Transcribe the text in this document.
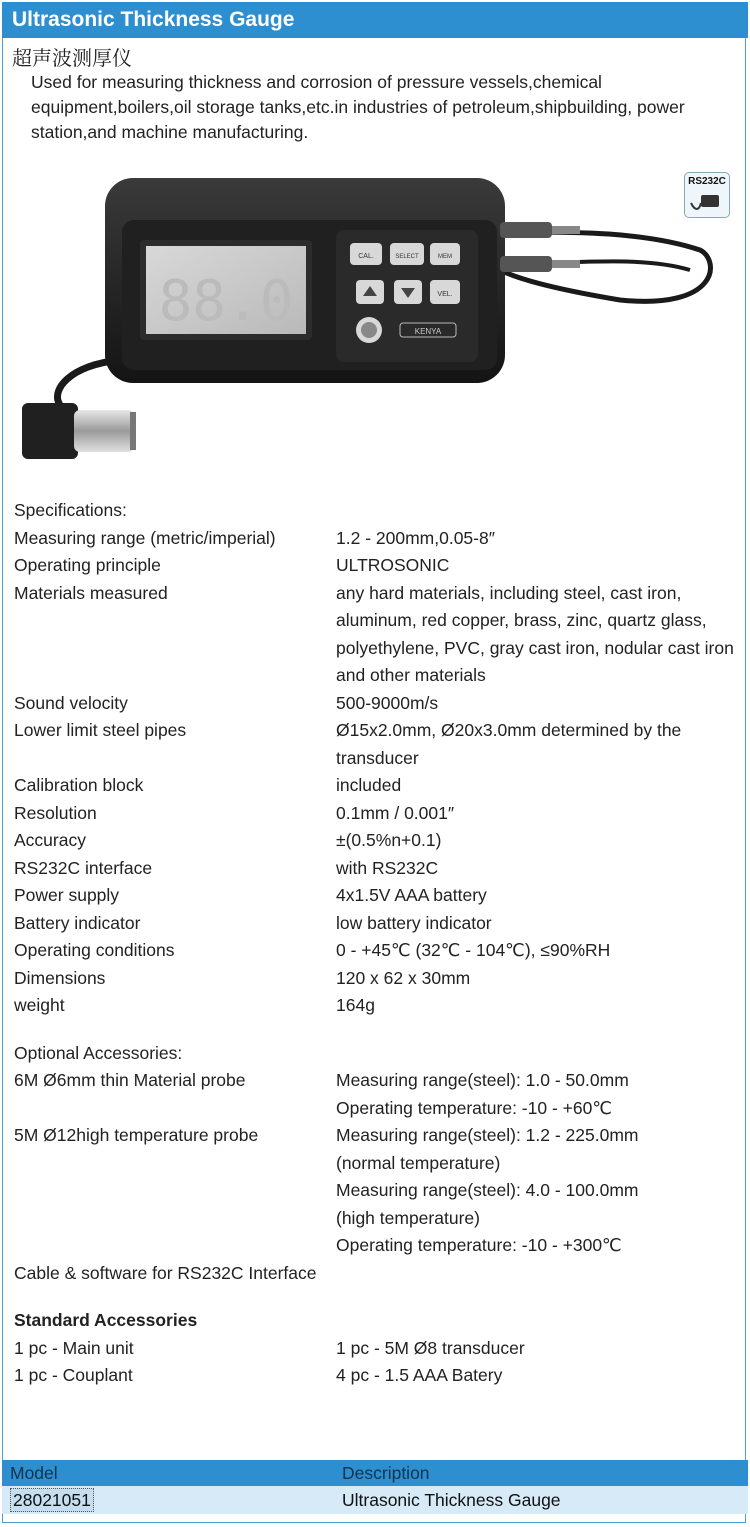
Ultrasonic Thickness Gauge
超声波测厚仪
Used for measuring thickness and corrosion of pressure vessels,chemical equipment,boilers,oil storage tanks,etc.in industries of petroleum,shipbuilding, power station,and machine manufacturing.
88.0
CAL.	SELECT	MEM
VEL.
KENYA
RS232C
Specifications:
Measuring range (metric/imperial)	1.2 - 200mm,0.05-8″
Operating principle	ULTROSONIC
Materials measured	any hard materials, including steel, cast iron, aluminum, red copper, brass, zinc, quartz glass, polyethylene, PVC, gray cast iron, nodular cast iron and other materials
Sound velocity	500-9000m/s
Lower limit steel pipes	Ø15x2.0mm, Ø20x3.0mm determined by the transducer
Calibration block	included
Resolution	0.1mm / 0.001″
Accuracy	±(0.5%n+0.1)
RS232C interface	with RS232C
Power supply	4x1.5V AAA battery
Battery indicator	low battery indicator
Operating conditions	0 - +45℃ (32℃ - 104℃), ≤90%RH
Dimensions	120 x 62 x 30mm
weight	164g
Optional Accessories:
6M Ø6mm thin Material probe	Measuring range(steel): 1.0 - 50.0mm
Operating temperature: -10 - +60℃
5M Ø12high temperature probe	Measuring range(steel): 1.2 - 225.0mm
(normal temperature)
Measuring range(steel): 4.0 - 100.0mm
(high temperature)
Operating temperature: -10 - +300℃
Cable & software for RS232C Interface
Standard Accessories
1 pc - Main unit	1 pc - 5M Ø8 transducer
1 pc - Couplant	4 pc - 1.5 AAA Batery
Model	Description
28021051	Ultrasonic Thickness Gauge
